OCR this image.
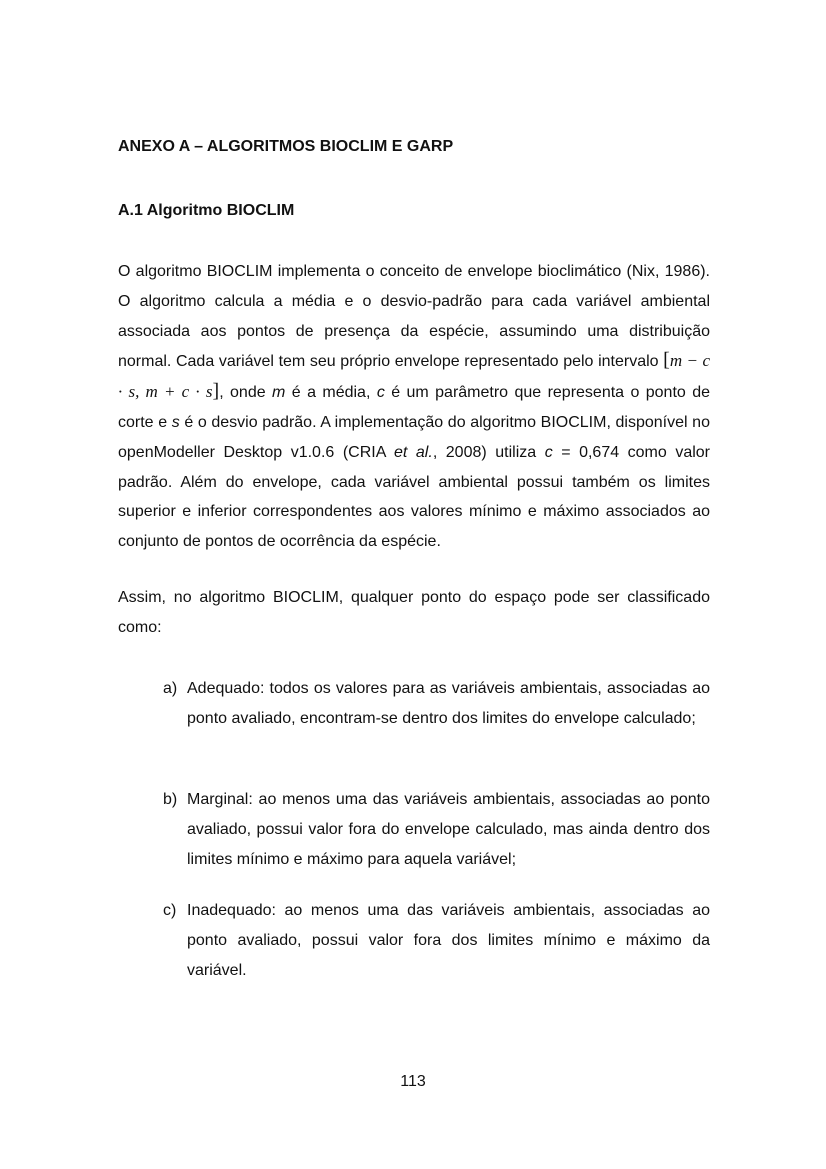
ANEXO A – ALGORITMOS BIOCLIM E GARP
A.1 Algoritmo BIOCLIM

O algoritmo BIOCLIM implementa o conceito de envelope bioclimático (Nix, 1986). O algoritmo calcula a média e o desvio-padrão para cada variável ambiental associada aos pontos de presença da espécie, assumindo uma distribuição normal. Cada variável tem seu próprio envelope representado pelo intervalo [m − c · s, m + c · s], onde m é a média, c é um parâmetro que representa o ponto de corte e s é o desvio padrão. A implementação do algoritmo BIOCLIM, disponível no openModeller Desktop v1.0.6 (CRIA et al., 2008) utiliza c = 0,674 como valor padrão. Além do envelope, cada variável ambiental possui também os limites superior e inferior correspondentes aos valores mínimo e máximo associados ao conjunto de pontos de ocorrência da espécie.

Assim, no algoritmo BIOCLIM, qualquer ponto do espaço pode ser classificado como:

a) Adequado: todos os valores para as variáveis ambientais, associadas ao ponto avaliado, encontram-se dentro dos limites do envelope calculado;
b) Marginal: ao menos uma das variáveis ambientais, associadas ao ponto avaliado, possui valor fora do envelope calculado, mas ainda dentro dos limites mínimo e máximo para aquela variável;
c) Inadequado: ao menos uma das variáveis ambientais, associadas ao ponto avaliado, possui valor fora dos limites mínimo e máximo da variável.
113
